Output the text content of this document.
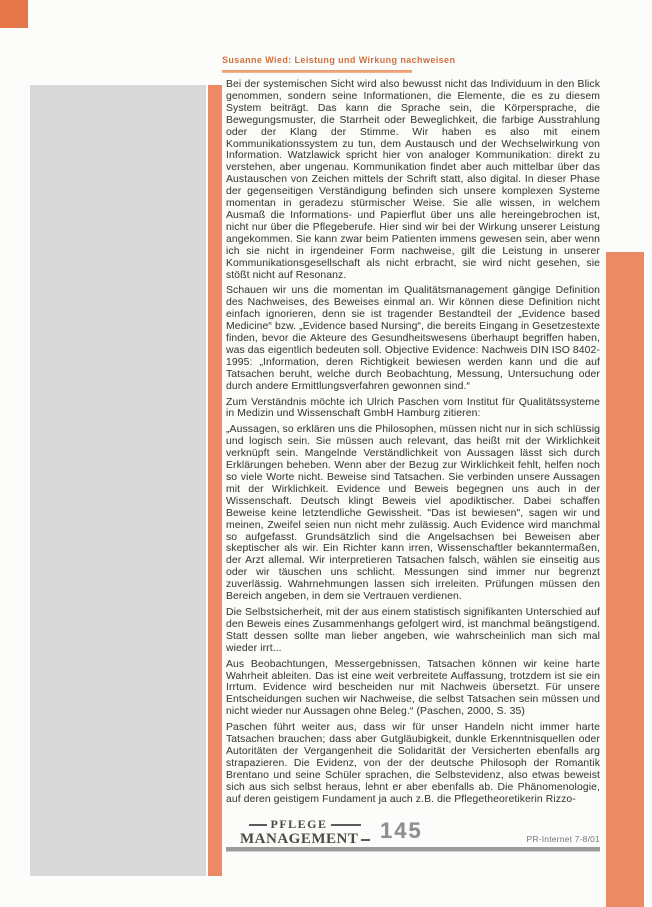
Susanne Wied: Leistung und Wirkung nachweisen

Bei der systemischen Sicht wird also bewusst nicht das Individuum in den Blick genommen, sondern seine Informationen, die Elemente, die es zu diesem System beiträgt. Das kann die Sprache sein, die Körpersprache, die Bewegungsmuster, die Starrheit oder Beweglichkeit, die farbige Ausstrahlung oder der Klang der Stimme. Wir haben es also mit einem Kommunikationssystem zu tun, dem Austausch und der Wechselwirkung von Information. Watzlawick spricht hier von analoger Kommunikation: direkt zu verstehen, aber ungenau. Kommunikation findet aber auch mittelbar über das Austauschen von Zeichen mittels der Schrift statt, also digital. In dieser Phase der gegenseitigen Verständigung befinden sich unsere komplexen Systeme momentan in geradezu stürmischer Weise. Sie alle wissen, in welchem Ausmaß die Informations- und Papierflut über uns alle hereingebrochen ist, nicht nur über die Pflegeberufe. Hier sind wir bei der Wirkung unserer Leistung angekommen. Sie kann zwar beim Patienten immens gewesen sein, aber wenn ich sie nicht in irgendeiner Form nachweise, gilt die Leistung in unserer Kommunikationsgesellschaft als nicht erbracht, sie wird nicht gesehen, sie stößt nicht auf Resonanz.

Schauen wir uns die momentan im Qualitätsmanagement gängige Definition des Nachweises, des Beweises einmal an. Wir können diese Definition nicht einfach ignorieren, denn sie ist tragender Bestandteil der „Evidence based Medicine“ bzw. „Evidence based Nursing“, die bereits Eingang in Gesetzestexte finden, bevor die Akteure des Gesundheitswesens überhaupt begriffen haben, was das eigentlich bedeuten soll. Objective Evidence: Nachweis DIN ISO 8402-1995: „Information, deren Richtigkeit bewiesen werden kann und die auf Tatsachen beruht, welche durch Beobachtung, Messung, Untersuchung oder durch andere Ermittlungsverfahren gewonnen sind.“

Zum Verständnis möchte ich Ulrich Paschen vom Institut für Qualitätssysteme in Medizin und Wissenschaft GmbH Hamburg zitieren:

„Aussagen, so erklären uns die Philosophen, müssen nicht nur in sich schlüssig und logisch sein. Sie müssen auch relevant, das heißt mit der Wirklichkeit verknüpft sein. Mangelnde Verständlichkeit von Aussagen lässt sich durch Erklärungen beheben. Wenn aber der Bezug zur Wirklichkeit fehlt, helfen noch so viele Worte nicht. Beweise sind Tatsachen. Sie verbinden unsere Aussagen mit der Wirklichkeit. Evidence und Beweis begegnen uns auch in der Wissenschaft. Deutsch klingt Beweis viel apodiktischer. Dabei schaffen Beweise keine letztendliche Gewissheit. "Das ist bewiesen", sagen wir und meinen, Zweifel seien nun nicht mehr zulässig. Auch Evidence wird manchmal so aufgefasst. Grundsätzlich sind die Angelsachsen bei Beweisen aber skeptischer als wir. Ein Richter kann irren, Wissenschaftler bekanntermaßen, der Arzt allemal. Wir interpretieren Tatsachen falsch, wählen sie einseitig aus oder wir täuschen uns schlicht. Messungen sind immer nur begrenzt zuverlässig. Wahrnehmungen lassen sich irreleiten. Prüfungen müssen den Bereich angeben, in dem sie Vertrauen verdienen.

Die Selbstsicherheit, mit der aus einem statistisch signifikanten Unterschied auf den Beweis eines Zusammenhangs gefolgert wird, ist manchmal beängstigend. Statt dessen sollte man lieber angeben, wie wahrscheinlich man sich mal wieder irrt...

Aus Beobachtungen, Messergebnissen, Tatsachen können wir keine harte Wahrheit ableiten. Das ist eine weit verbreitete Auffassung, trotzdem ist sie ein Irrtum. Evidence wird bescheiden nur mit Nachweis übersetzt. Für unsere Entscheidungen suchen wir Nachweise, die selbst Tatsachen sein müssen und nicht wieder nur Aussagen ohne Beleg.“ (Paschen, 2000, S. 35)

Paschen führt weiter aus, dass wir für unser Handeln nicht immer harte Tatsachen brauchen; dass aber Gutgläubigkeit, dunkle Erkenntnisquellen oder Autoritäten der Vergangenheit die Solidarität der Versicherten ebenfalls arg strapazieren. Die Evidenz, von der der deutsche Philosoph der Romantik Brentano und seine Schüler sprachen, die Selbstevidenz, also etwas beweist sich aus sich selbst heraus, lehnt er aber ebenfalls ab. Die Phänomenologie, auf deren geistigem Fundament ja auch z.B. die Pflegetheoretikerin Rizzo-

PFLEGE
MANAGEMENT 145	PR-Internet 7-8/01
